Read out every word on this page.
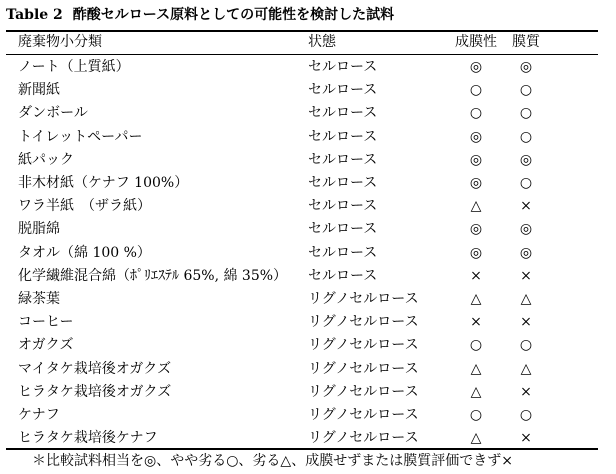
Table 2 酢酸セルロース原料としての可能性を検討した試料
廃棄物小分類	状態	成膜性	膜質
ノート（上質紙）	セルロース	◎	◎
新聞紙	セルロース	○	○
ダンボール	セルロース	○	○
トイレットペーパー	セルロース	◎	○
紙パック	セルロース	◎	◎
非木材紙（ケナフ 100%）	セルロース	◎	○
ワラ半紙　（ザラ紙）	セルロース	△	×
脱脂綿	セルロース	◎	◎
タオル（綿 100 %）	セルロース	◎	◎
化学繊維混合綿（ﾎﾟﾘｴｽﾃﾙ 65%, 綿 35%）	セルロース	×	×
緑茶葉	リグノセルロース	△	△
コーヒー	リグノセルロース	×	×
オガクズ	リグノセルロース	○	○
マイタケ栽培後オガクズ	リグノセルロース	△	△
ヒラタケ栽培後オガクズ	リグノセルロース	△	×
ケナフ	リグノセルロース	○	○
ヒラタケ栽培後ケナフ	リグノセルロース	△	×
＊比較試料相当を◎、やや劣る○、劣る△、成膜せずまたは膜質評価できず×
